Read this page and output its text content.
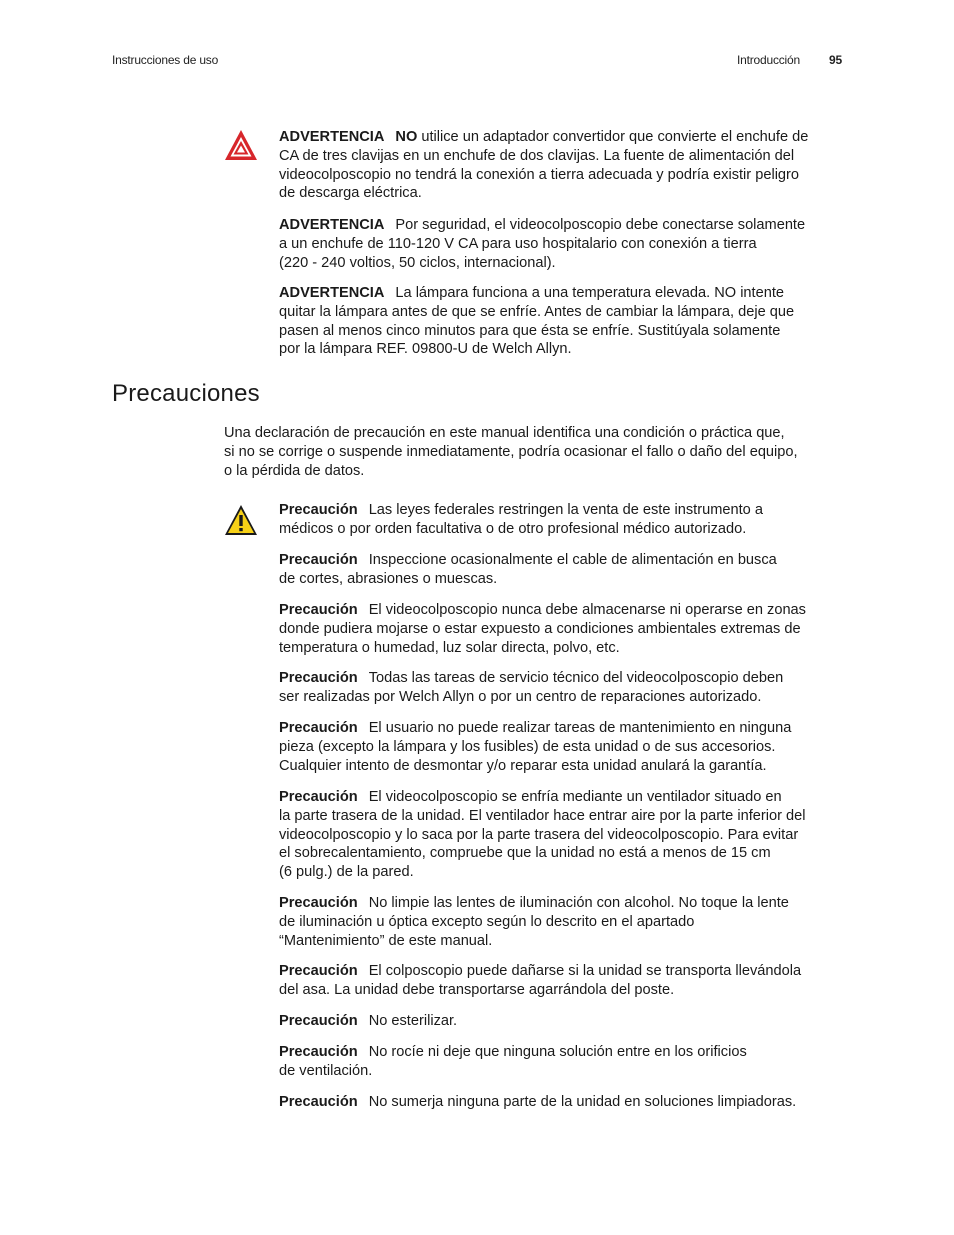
Instrucciones de uso	Introducción 95

ADVERTENCIA NO utilice un adaptador convertidor que convierte el enchufe de
CA de tres clavijas en un enchufe de dos clavijas. La fuente de alimentación del
videocolposcopio no tendrá la conexión a tierra adecuada y podría existir peligro
de descarga eléctrica.

ADVERTENCIA Por seguridad, el videocolposcopio debe conectarse solamente
a un enchufe de 110-120 V CA para uso hospitalario con conexión a tierra
(220 - 240 voltios, 50 ciclos, internacional).

ADVERTENCIA La lámpara funciona a una temperatura elevada. NO intente
quitar la lámpara antes de que se enfríe. Antes de cambiar la lámpara, deje que
pasen al menos cinco minutos para que ésta se enfríe. Sustitúyala solamente
por la lámpara REF. 09800-U de Welch Allyn.

Precauciones

Una declaración de precaución en este manual identifica una condición o práctica que,
si no se corrige o suspende inmediatamente, podría ocasionar el fallo o daño del equipo,
o la pérdida de datos.

Precaución Las leyes federales restringen la venta de este instrumento a
médicos o por orden facultativa o de otro profesional médico autorizado.

Precaución Inspeccione ocasionalmente el cable de alimentación en busca
de cortes, abrasiones o muescas.

Precaución El videocolposcopio nunca debe almacenarse ni operarse en zonas
donde pudiera mojarse o estar expuesto a condiciones ambientales extremas de
temperatura o humedad, luz solar directa, polvo, etc.

Precaución Todas las tareas de servicio técnico del videocolposcopio deben
ser realizadas por Welch Allyn o por un centro de reparaciones autorizado.

Precaución El usuario no puede realizar tareas de mantenimiento en ninguna
pieza (excepto la lámpara y los fusibles) de esta unidad o de sus accesorios.
Cualquier intento de desmontar y/o reparar esta unidad anulará la garantía.

Precaución El videocolposcopio se enfría mediante un ventilador situado en
la parte trasera de la unidad. El ventilador hace entrar aire por la parte inferior del
videocolposcopio y lo saca por la parte trasera del videocolposcopio. Para evitar
el sobrecalentamiento, compruebe que la unidad no está a menos de 15 cm
(6 pulg.) de la pared.

Precaución No limpie las lentes de iluminación con alcohol. No toque la lente
de iluminación u óptica excepto según lo descrito en el apartado
“Mantenimiento” de este manual.

Precaución El colposcopio puede dañarse si la unidad se transporta llevándola
del asa. La unidad debe transportarse agarrándola del poste.

Precaución No esterilizar.

Precaución No rocíe ni deje que ninguna solución entre en los orificios
de ventilación.

Precaución No sumerja ninguna parte de la unidad en soluciones limpiadoras.
